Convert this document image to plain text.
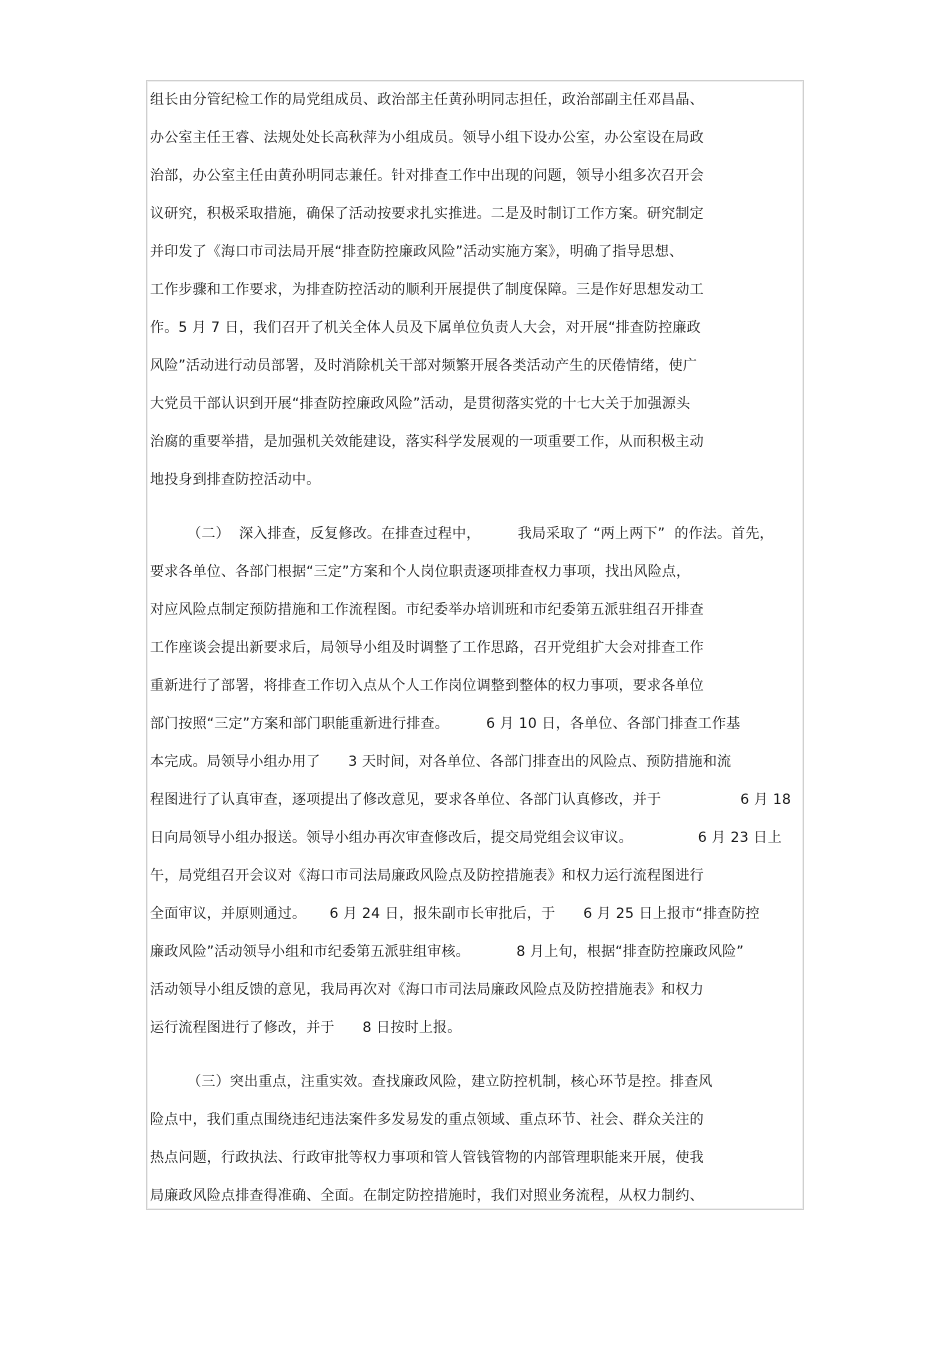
组长由分管纪检工作的局党组成员、政治部主任黄孙明同志担任，政治部副主任邓昌晶、
办公室主任王睿、法规处处长高秋萍为小组成员。领导小组下设办公室，办公室设在局政
治部，办公室主任由黄孙明同志兼任。针对排查工作中出现的问题，领导小组多次召开会
议研究，积极采取措施，确保了活动按要求扎实推进。二是及时制订工作方案。研究制定
并印发了《海口市司法局开展“排查防控廉政风险”活动实施方案》，明确了指导思想、
工作步骤和工作要求，为排查防控活动的顺利开展提供了制度保障。三是作好思想发动工
作。5 月 7 日，我们召开了机关全体人员及下属单位负责人大会，对开展“排查防控廉政
风险”活动进行动员部署，及时消除机关干部对频繁开展各类活动产生的厌倦情绪，使广
大党员干部认识到开展“排查防控廉政风险”活动，是贯彻落实党的十七大关于加强源头
治腐的重要举措，是加强机关效能建设，落实科学发展观的一项重要工作，从而积极主动
地投身到排查防控活动中。
（二）  深入排查，反复修改。在排查过程中，        我局采取了 “两上两下”  的作法。首先，
要求各单位、各部门根据“三定”方案和个人岗位职责逐项排查权力事项，找出风险点，
对应风险点制定预防措施和工作流程图。市纪委举办培训班和市纪委第五派驻组召开排查
工作座谈会提出新要求后，局领导小组及时调整了工作思路，召开党组扩大会对排查工作
重新进行了部署，将排查工作切入点从个人工作岗位调整到整体的权力事项，要求各单位
部门按照“三定”方案和部门职能重新进行排查。        6 月 10 日，各单位、各部门排查工作基
本完成。局领导小组办用了      3 天时间，对各单位、各部门排查出的风险点、预防措施和流
程图进行了认真审查，逐项提出了修改意见，要求各单位、各部门认真修改，并于                 6 月 18
日向局领导小组办报送。领导小组办再次审查修改后，提交局党组会议审议。              6 月 23 日上
午，局党组召开会议对《海口市司法局廉政风险点及防控措施表》和权力运行流程图进行
全面审议，并原则通过。     6 月 24 日，报朱副市长审批后，于      6 月 25 日上报市“排查防控
廉政风险”活动领导小组和市纪委第五派驻组审核。          8 月上旬，根据“排查防控廉政风险”
活动领导小组反馈的意见，我局再次对《海口市司法局廉政风险点及防控措施表》和权力
运行流程图进行了修改，并于      8 日按时上报。
（三）突出重点，注重实效。查找廉政风险，建立防控机制，核心环节是控。排查风
险点中，我们重点围绕违纪违法案件多发易发的重点领域、重点环节、社会、群众关注的
热点问题，行政执法、行政审批等权力事项和管人管钱管物的内部管理职能来开展，使我
局廉政风险点排查得准确、全面。在制定防控措施时，我们对照业务流程，从权力制约、
